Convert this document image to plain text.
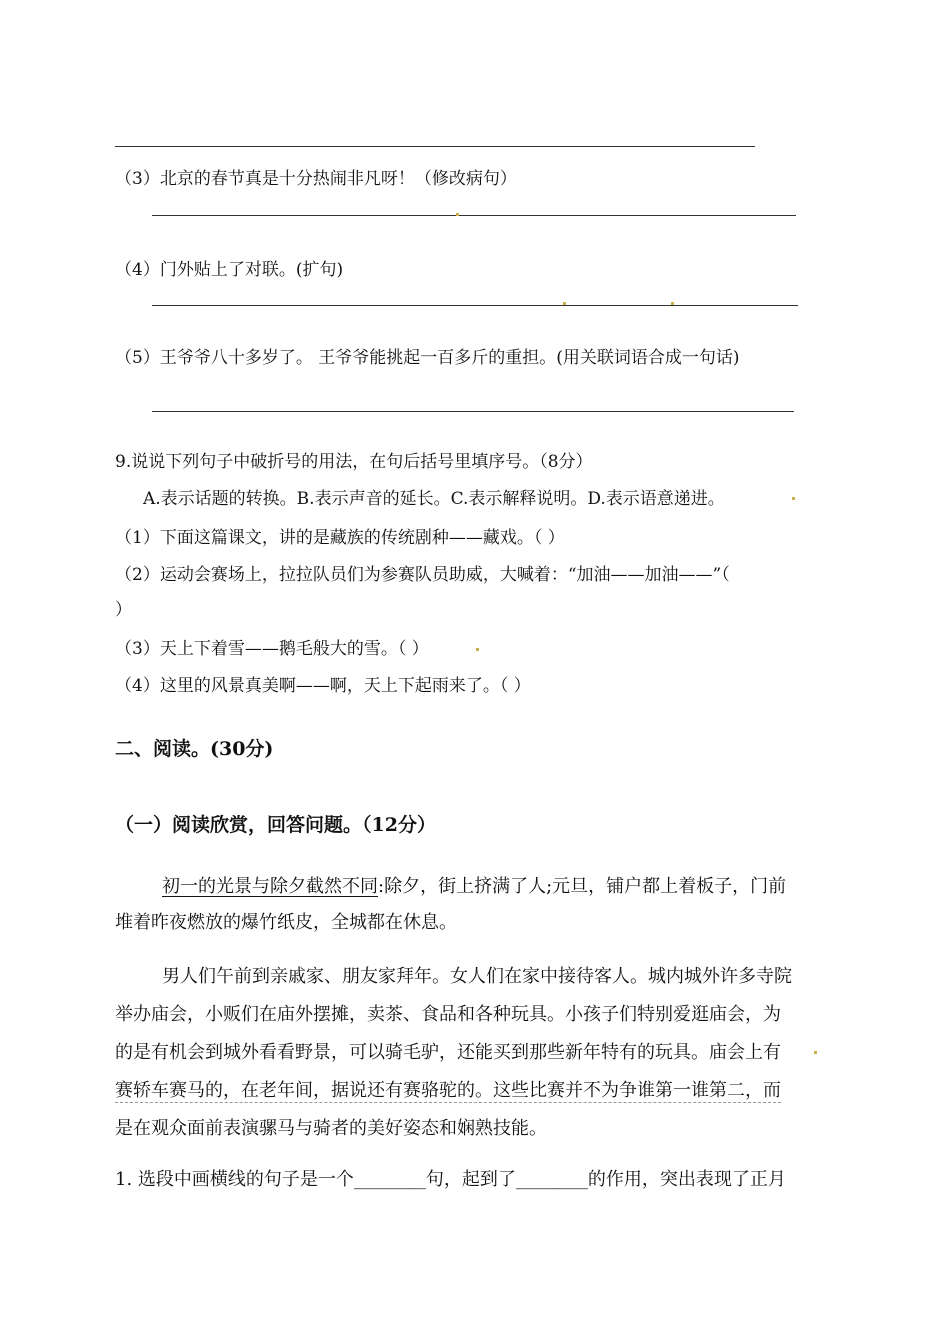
（3）北京的春节真是十分热闹非凡呀！（修改病句）
（4）门外贴上了对联。(扩句)
（5）王爷爷八十多岁了。 王爷爷能挑起一百多斤的重担。(用关联词语合成一句话)
9.说说下列句子中破折号的用法，在句后括号里填序号。（8分）
A.表示话题的转换。B.表示声音的延长。C.表示解释说明。D.表示语意递进。
（1）下面这篇课文，讲的是藏族的传统剧种——藏戏。（ ）
（2）运动会赛场上，拉拉队员们为参赛队员助威，大喊着：“加油——加油——”（
）
（3）天上下着雪——鹅毛般大的雪。（ ）
（4）这里的风景真美啊——啊，天上下起雨来了。（ ）
二、阅读。(30分)
（一）阅读欣赏，回答问题。（12分）
初一的光景与除夕截然不同:除夕，街上挤满了人;元旦，铺户都上着板子，门前
堆着昨夜燃放的爆竹纸皮，全城都在休息。
男人们午前到亲戚家、朋友家拜年。女人们在家中接待客人。城内城外许多寺院
举办庙会，小贩们在庙外摆摊，卖茶、食品和各种玩具。小孩子们特别爱逛庙会，为
的是有机会到城外看看野景，可以骑毛驴，还能买到那些新年特有的玩具。庙会上有
赛轿车赛马的，在老年间，据说还有赛骆驼的。这些比赛并不为争谁第一谁第二，而
是在观众面前表演骡马与骑者的美好姿态和娴熟技能。
1. 选段中画横线的句子是一个________句，起到了________的作用，突出表现了正月
